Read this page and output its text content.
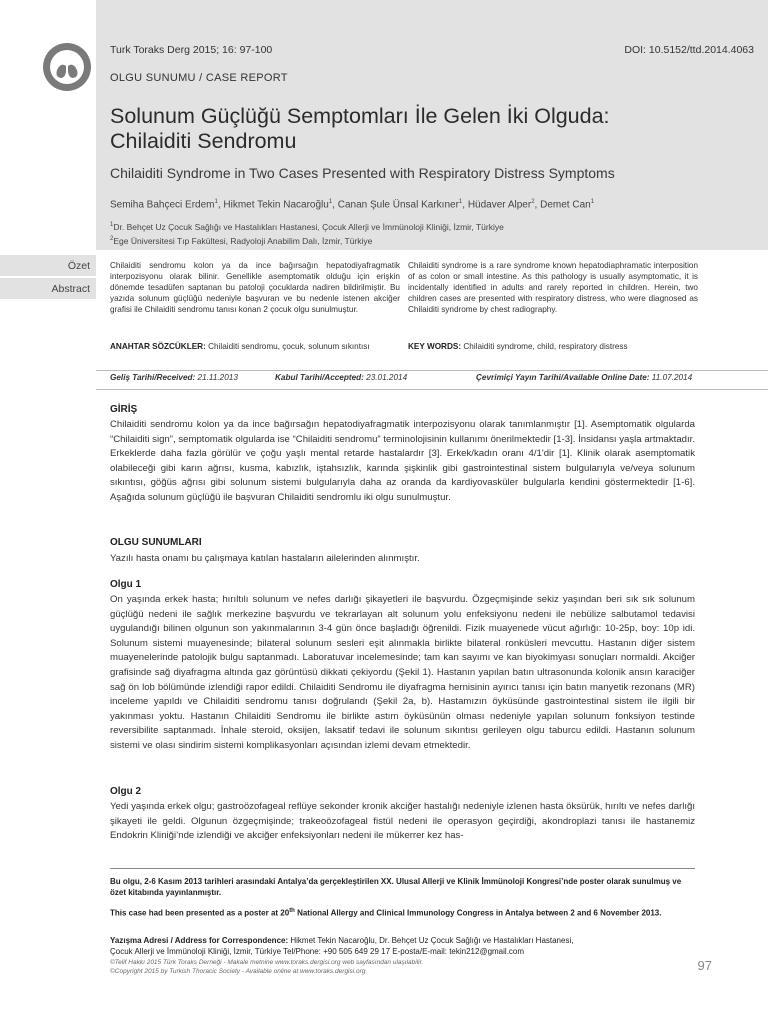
Turk Toraks Derg 2015; 16: 97-100	DOI: 10.5152/ttd.2014.4063
OLGU SUNUMU / CASE REPORT
Solunum Güçlüğü Semptomları İle Gelen İki Olguda:
Chilaiditi Sendromu
Chilaiditi Syndrome in Two Cases Presented with Respiratory Distress Symptoms
Semiha Bahçeci Erdem$^1$, Hikmet Tekin Nacaroğlu$^1$, Canan Şule Ünsal Karkıner$^1$, Hüdaver Alper$^2$, Demet Can$^1$
$^1$Dr. Behçet Uz Çocuk Sağlığı ve Hastalıkları Hastanesi, Çocuk Allerji ve İmmünoloji Kliniği, İzmir, Türkiye
$^2$Ege Üniversitesi Tıp Fakültesi, Radyoloji Anabilim Dalı, İzmir, Türkiye
Özet
Abstract
Chilaiditi sendromu kolon ya da ince bağırsağın hepatodiyafragmatik interpozisyonu olarak bilinir. Genellikle asemptomatik olduğu için erişkin dönemde tesadüfen saptanan bu patoloji çocuklarda nadiren bildirilmiştir. Bu yazıda solunum güçlüğü nedeniyle başvuran ve bu nedenle istenen akciğer grafisi ile Chilaiditi sendromu tanısı konan 2 çocuk olgu sunulmuştur.
Chilaiditi syndrome is a rare syndrome known hepatodiaphramatic interposition of as colon or small intestine. As this pathology is usually asymptomatic, it is incidentally identified in adults and rarely reported in children. Herein, two children cases are presented with respiratory distress, who were diagnosed as Chilaiditi syndrome by chest radiography.
ANAHTAR SÖZCÜKLER: Chilaiditi sendromu, çocuk, solunum sıkıntısı	KEY WORDS: Chilaiditi syndrome, child, respiratory distress
Geliş Tarihi/Received: 21.11.2013	Kabul Tarihi/Accepted: 23.01.2014	Çevrimiçi Yayın Tarihi/Available Online Date: 11.07.2014
GİRİŞ
Chilaiditi sendromu kolon ya da ince bağırsağın hepatodiyafragmatik interpozisyonu olarak tanımlanmıştır [1]. Asemptomatik olgularda “Chilaiditi sign”, semptomatik olgularda ise “Chilaiditi sendromu” terminolojisinin kullanımı önerilmektedir [1-3]. İnsidansı yaşla artmaktadır. Erkeklerde daha fazla görülür ve çoğu yaşlı mental retarde hastalardır [3]. Erkek/kadın oranı 4/1'dir [1]. Klinik olarak asemptomatik olabileceği gibi karın ağrısı, kusma, kabızlık, iştahsızlık, karında şişkinlik gibi gastrointestinal sistem bulgularıyla ve/veya solunum sıkıntısı, göğüs ağrısı gibi solunum sistemi bulgularıyla daha az oranda da kardiyovasküler bulgularla kendini göstermektedir [1-6]. Aşağıda solunum güçlüğü ile başvuran Chilaiditi sendromlu iki olgu sunulmuştur.
OLGU SUNUMLARI
Yazılı hasta onamı bu çalışmaya katılan hastaların ailelerinden alınmıştır.
Olgu 1
On yaşında erkek hasta; hırıltılı solunum ve nefes darlığı şikayetleri ile başvurdu. Özgeçmişinde sekiz yaşından beri sık sık solunum güçlüğü nedeni ile sağlık merkezine başvurdu ve tekrarlayan alt solunum yolu enfeksiyonu nedeni ile nebülize salbutamol tedavisi uygulandığı bilinen olgunun son yakınmalarının 3-4 gün önce başladığı öğrenildi. Fizik muayenede vücut ağırlığı: 10-25p, boy: 10p idi. Solunum sistemi muayenesinde; bilateral solunum sesleri eşit alınmakla birlikte bilateral ronküsleri mevcuttu. Hastanın diğer sistem muayenelerinde patolojik bulgu saptanmadı. Laboratuvar incelemesinde; tam kan sayımı ve kan biyokimyası sonuçları normaldi. Akciğer grafisinde sağ diyafragma altında gaz görüntüsü dikkati çekiyordu (Şekil 1). Hastanın yapılan batın ultrasonunda kolonik ansın karaciğer sağ ön lob bölümünde izlendiği rapor edildi. Chilaiditi Sendromu ile diyafragma hernisinin ayırıcı tanısı için batın manyetik rezonans (MR) inceleme yapıldı ve Chilaiditi sendromu tanısı doğrulandı (Şekil 2a, b). Hastamızın öyküsünde gastrointestinal sistem ile ilgili bir yakınması yoktu. Hastanın Chilaiditi Sendromu ile birlikte astım öyküsünün olması nedeniyle yapılan solunum fonksiyon testinde reversibilite saptanmadı. İnhale steroid, oksijen, laksatif tedavi ile solunum sıkıntısı gerileyen olgu taburcu edildi. Hastanın solunum sistemi ve olası sindirim sistemi komplikasyonları açısından izlemi devam etmektedir.
Olgu 2
Yedi yaşında erkek olgu; gastroözofageal reflüye sekonder kronik akciğer hastalığı nedeniyle izlenen hasta öksürük, hırıltı ve nefes darlığı şikayeti ile geldi. Olgunun özgeçmişinde; trakeoözofageal fistül nedeni ile operasyon geçirdiği, akondroplazi tanısı ile hastanemiz Endokrin Kliniği’nde izlendiği ve akciğer enfeksiyonları nedeni ile mükerrer kez has-
Bu olgu, 2-6 Kasım 2013 tarihleri arasındaki Antalya’da gerçekleştirilen XX. Ulusal Allerji ve Klinik İmmünoloji Kongresi’nde poster olarak sunulmuş ve özet kitabında yayınlanmıştır.
This case had been presented as a poster at 20th National Allergy and Clinical Immunology Congress in Antalya between 2 and 6 November 2013.
Yazışma Adresi / Address for Correspondence: Hikmet Tekin Nacaroğlu, Dr. Behçet Uz Çocuk Sağlığı ve Hastalıkları Hastanesi,
Çocuk Allerji ve İmmünoloji Kliniği, İzmir, Türkiye Tel/Phone: +90 505 649 29 17 E-posta/E-mail: tekin212@gmail.com
©Telif Hakkı 2015 Türk Toraks Derneği - Makale metnine www.toraks.dergisi.org web sayfasından ulaşılabilir.
©Copyright 2015 by Turkish Thoracic Society - Available online at www.toraks.dergisi.org	97
